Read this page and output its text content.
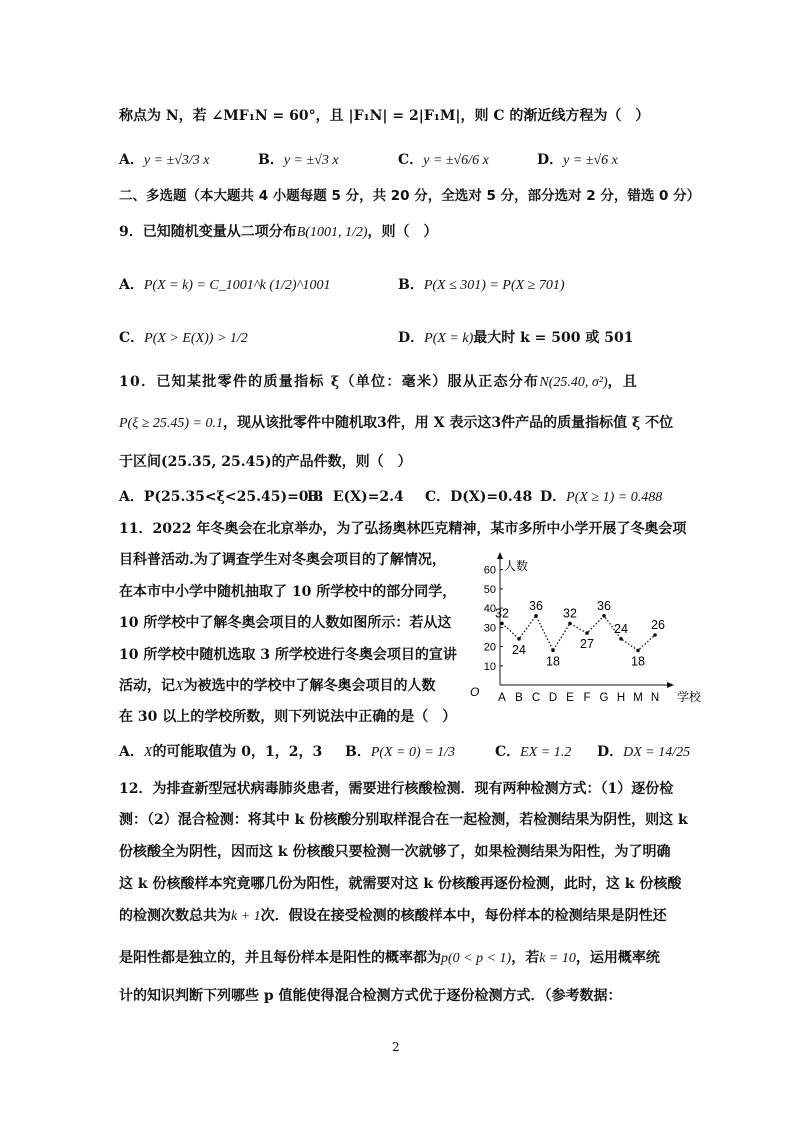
称点为 N，若 ∠MF₁N = 60°，且 |F₁N| = 2|F₁M|，则 C 的渐近线方程为（　）
A．y = ±√3/3 x	B．y = ±√3 x	C．y = ±√6/6 x	D．y = ±√6 x
二、多选题（本大题共 4 小题每题 5 分，共 20 分，全选对 5 分，部分选对 2 分，错选 0 分）
9．已知随机变量从二项分布B(1001, 1/2)，则（　）
A．P(X = k) = C_1001^k (1/2)^1001	B．P(X ≤ 301) = P(X ≥ 701)
C．P(X > E(X)) > 1/2	D．P(X = k)最大时 k = 500 或 501
10．已知某批零件的质量指标 ξ（单位：毫米）服从正态分布N(25.40, σ²)，且
P(ξ ≥ 25.45) = 0.1，现从该批零件中随机取3件，用 X 表示这3件产品的质量指标值 ξ 不位
于区间(25.35, 25.45)的产品件数，则（　）
A．P(25.35<ξ<25.45)=0.8
B．E(X)=2.4 C．D(X)=0.48 D．P(X ≥ 1) = 0.488
11．2022 年冬奥会在北京举办，为了弘扬奥林匹克精神，某市多所中小学开展了冬奥会项
目科普活动.为了调查学生对冬奥会项目的了解情况，
在本市中小学中随机抽取了 10 所学校中的部分同学，
10 所学校中了解冬奥会项目的人数如图所示：若从这
10 所学校中随机选取 3 所学校进行冬奥会项目的宣讲
活动，记X为被选中的学校中了解冬奥会项目的人数
在 30 以上的学校所数，则下列说法中正确的是（　）
人数
学校
O
10
20
30
40
50
60
A B C D E F G H M N
32
24
36
18
32
27
36
24
18
26
A．X的可能取值为 0，1，2，3 B．P(X = 0) = 1/3	C．EX = 1.2 D．DX = 14/25
12．为排查新型冠状病毒肺炎患者，需要进行核酸检测．现有两种检测方式：（1）逐份检
测：（2）混合检测：将其中 k 份核酸分别取样混合在一起检测，若检测结果为阴性，则这 k
份核酸全为阴性，因而这 k 份核酸只要检测一次就够了，如果检测结果为阳性，为了明确
这 k 份核酸样本究竟哪几份为阳性，就需要对这 k 份核酸再逐份检测，此时，这 k 份核酸
的检测次数总共为k + 1次．假设在接受检测的核酸样本中，每份样本的检测结果是阴性还
是阳性都是独立的，并且每份样本是阳性的概率都为p(0 < p < 1)，若k = 10，运用概率统
计的知识判断下列哪些 p 值能使得混合检测方式优于逐份检测方式．（参考数据：
2
